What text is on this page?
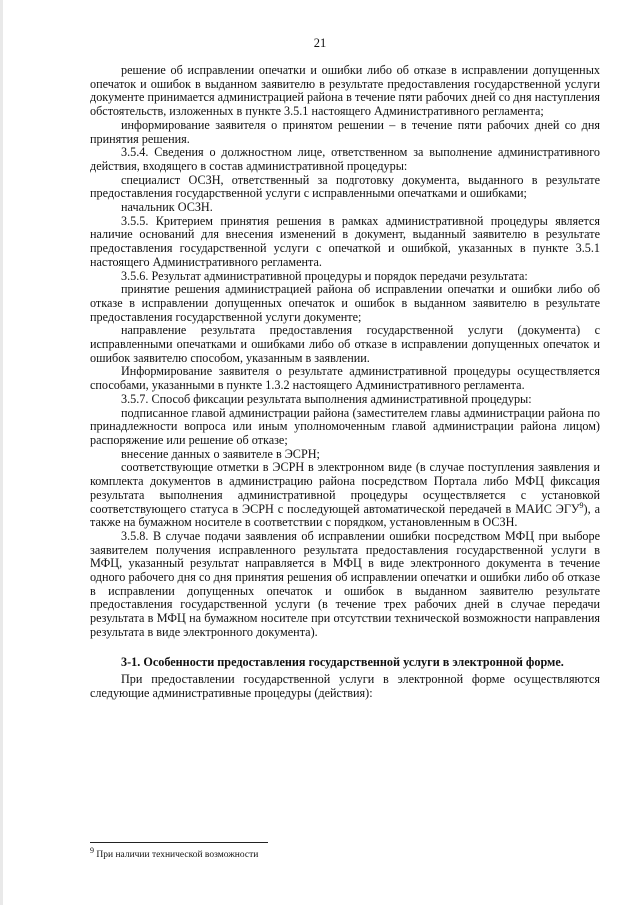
21

решение об исправлении опечатки и ошибки либо об отказе в исправлении допущенных опечаток и ошибок в выданном заявителю в результате предоставления государственной услуги документе принимается администрацией района в течение пяти рабочих дней со дня наступления обстоятельств, изложенных в пункте 3.5.1 настоящего Административного регламента;

информирование заявителя о принятом решении – в течение пяти рабочих дней со дня принятия решения.

3.5.4. Сведения о должностном лице, ответственном за выполнение административного действия, входящего в состав административной процедуры:

специалист ОСЗН, ответственный за подготовку документа, выданного в результате предоставления государственной услуги с исправленными опечатками и ошибками;

начальник ОСЗН.

3.5.5. Критерием принятия решения в рамках административной процедуры является наличие оснований для внесения изменений в документ, выданный заявителю в результате предоставления государственной услуги с опечаткой и ошибкой, указанных в пункте 3.5.1 настоящего Административного регламента.

3.5.6. Результат административной процедуры и порядок передачи результата:

принятие решения администрацией района об исправлении опечатки и ошибки либо об отказе в исправлении допущенных опечаток и ошибок в выданном заявителю в результате предоставления государственной услуги документе;

направление результата предоставления государственной услуги (документа) с исправленными опечатками и ошибками либо об отказе в исправлении допущенных опечаток и ошибок заявителю способом, указанным в заявлении.

Информирование заявителя о результате административной процедуры осуществляется способами, указанными в пункте 1.3.2 настоящего Административного регламента.

3.5.7. Способ фиксации результата выполнения административной процедуры:

подписанное главой администрации района (заместителем главы администрации района по принадлежности вопроса или иным уполномоченным главой администрации района лицом) распоряжение или решение об отказе;

внесение данных о заявителе в ЭСРН;

соответствующие отметки в ЭСРН в электронном виде (в случае поступления заявления и комплекта документов в администрацию района посредством Портала либо МФЦ фиксация результата выполнения административной процедуры осуществляется с установкой соответствующего статуса в ЭСРН с последующей автоматической передачей в МАИС ЭГУ$^9$), а также на бумажном носителе в соответствии с порядком, установленным в ОСЗН.

3.5.8. В случае подачи заявления об исправлении ошибки посредством МФЦ при выборе заявителем получения исправленного результата предоставления государственной услуги в МФЦ, указанный результат направляется в МФЦ в виде электронного документа в течение одного рабочего дня со дня принятия решения об исправлении опечатки и ошибки либо об отказе в исправлении допущенных опечаток и ошибок в выданном заявителю результате предоставления государственной услуги (в течение трех рабочих дней в случае передачи результата в МФЦ на бумажном носителе при отсутствии технической возможности направления результата в виде электронного документа).

3-1. Особенности предоставления государственной услуги в электронной форме.

При предоставлении государственной услуги в электронной форме осуществляются следующие административные процедуры (действия):

$^9$ При наличии технической возможности
